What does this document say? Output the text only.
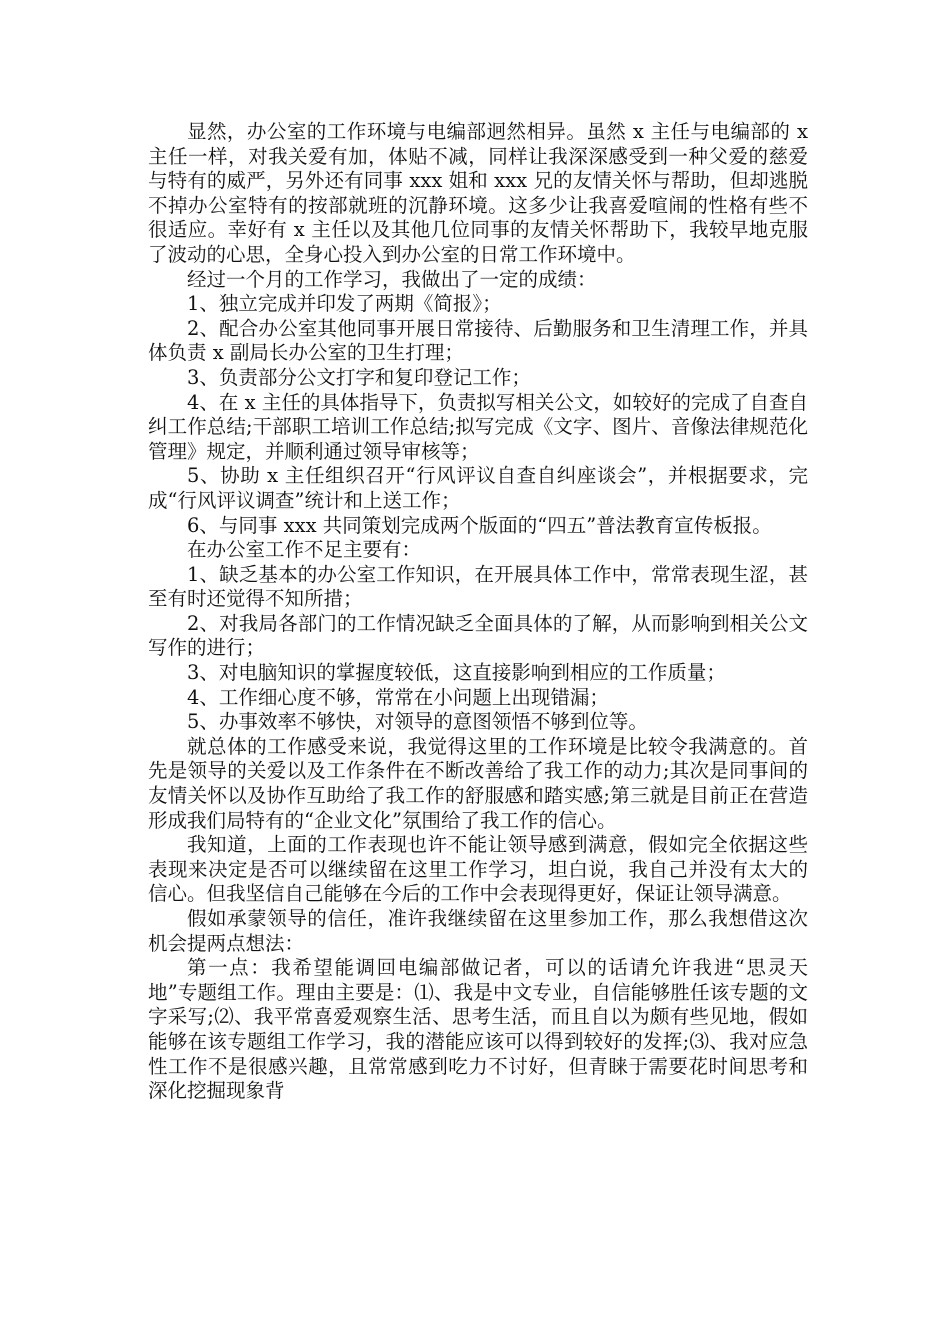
显然，办公室的工作环境与电编部迥然相异。虽然 x 主任与电编部的 x 主任一样，对我关爱有加，体贴不减，同样让我深深感受到一种父爱的慈爱与特有的威严，另外还有同事 xxx 姐和 xxx 兄的友情关怀与帮助，但却逃脱不掉办公室特有的按部就班的沉静环境。这多少让我喜爱喧闹的性格有些不很适应。幸好有 x 主任以及其他几位同事的友情关怀帮助下，我较早地克服了波动的心思，全身心投入到办公室的日常工作环境中。

经过一个月的工作学习，我做出了一定的成绩：

1、独立完成并印发了两期《简报》；

2、配合办公室其他同事开展日常接待、后勤服务和卫生清理工作，并具体负责 x 副局长办公室的卫生打理；

3、负责部分公文打字和复印登记工作；

4、在 x 主任的具体指导下，负责拟写相关公文，如较好的完成了自查自纠工作总结;干部职工培训工作总结;拟写完成《文字、图片、音像法律规范化管理》规定，并顺利通过领导审核等；

5、协助 x 主任组织召开“行风评议自查自纠座谈会”，并根据要求，完成“行风评议调查”统计和上送工作；

6、与同事 xxx 共同策划完成两个版面的“四五”普法教育宣传板报。

在办公室工作不足主要有：

1、缺乏基本的办公室工作知识，在开展具体工作中，常常表现生涩，甚至有时还觉得不知所措；

2、对我局各部门的工作情况缺乏全面具体的了解，从而影响到相关公文写作的进行；

3、对电脑知识的掌握度较低，这直接影响到相应的工作质量；

4、工作细心度不够，常常在小问题上出现错漏；

5、办事效率不够快，对领导的意图领悟不够到位等。

就总体的工作感受来说，我觉得这里的工作环境是比较令我满意的。首先是领导的关爱以及工作条件在不断改善给了我工作的动力;其次是同事间的友情关怀以及协作互助给了我工作的舒服感和踏实感;第三就是目前正在营造形成我们局特有的“企业文化”氛围给了我工作的信心。

我知道，上面的工作表现也许不能让领导感到满意，假如完全依据这些表现来决定是否可以继续留在这里工作学习，坦白说，我自己并没有太大的信心。但我坚信自己能够在今后的工作中会表现得更好，保证让领导满意。

假如承蒙领导的信任，准许我继续留在这里参加工作，那么我想借这次机会提两点想法：

第一点：我希望能调回电编部做记者，可以的话请允许我进“思灵天地”专题组工作。理由主要是：⑴、我是中文专业，自信能够胜任该专题的文字采写;⑵、我平常喜爱观察生活、思考生活，而且自以为颇有些见地，假如能够在该专题组工作学习，我的潜能应该可以得到较好的发挥;⑶、我对应急性工作不是很感兴趣，且常常感到吃力不讨好，但青睐于需要花时间思考和深化挖掘现象背
